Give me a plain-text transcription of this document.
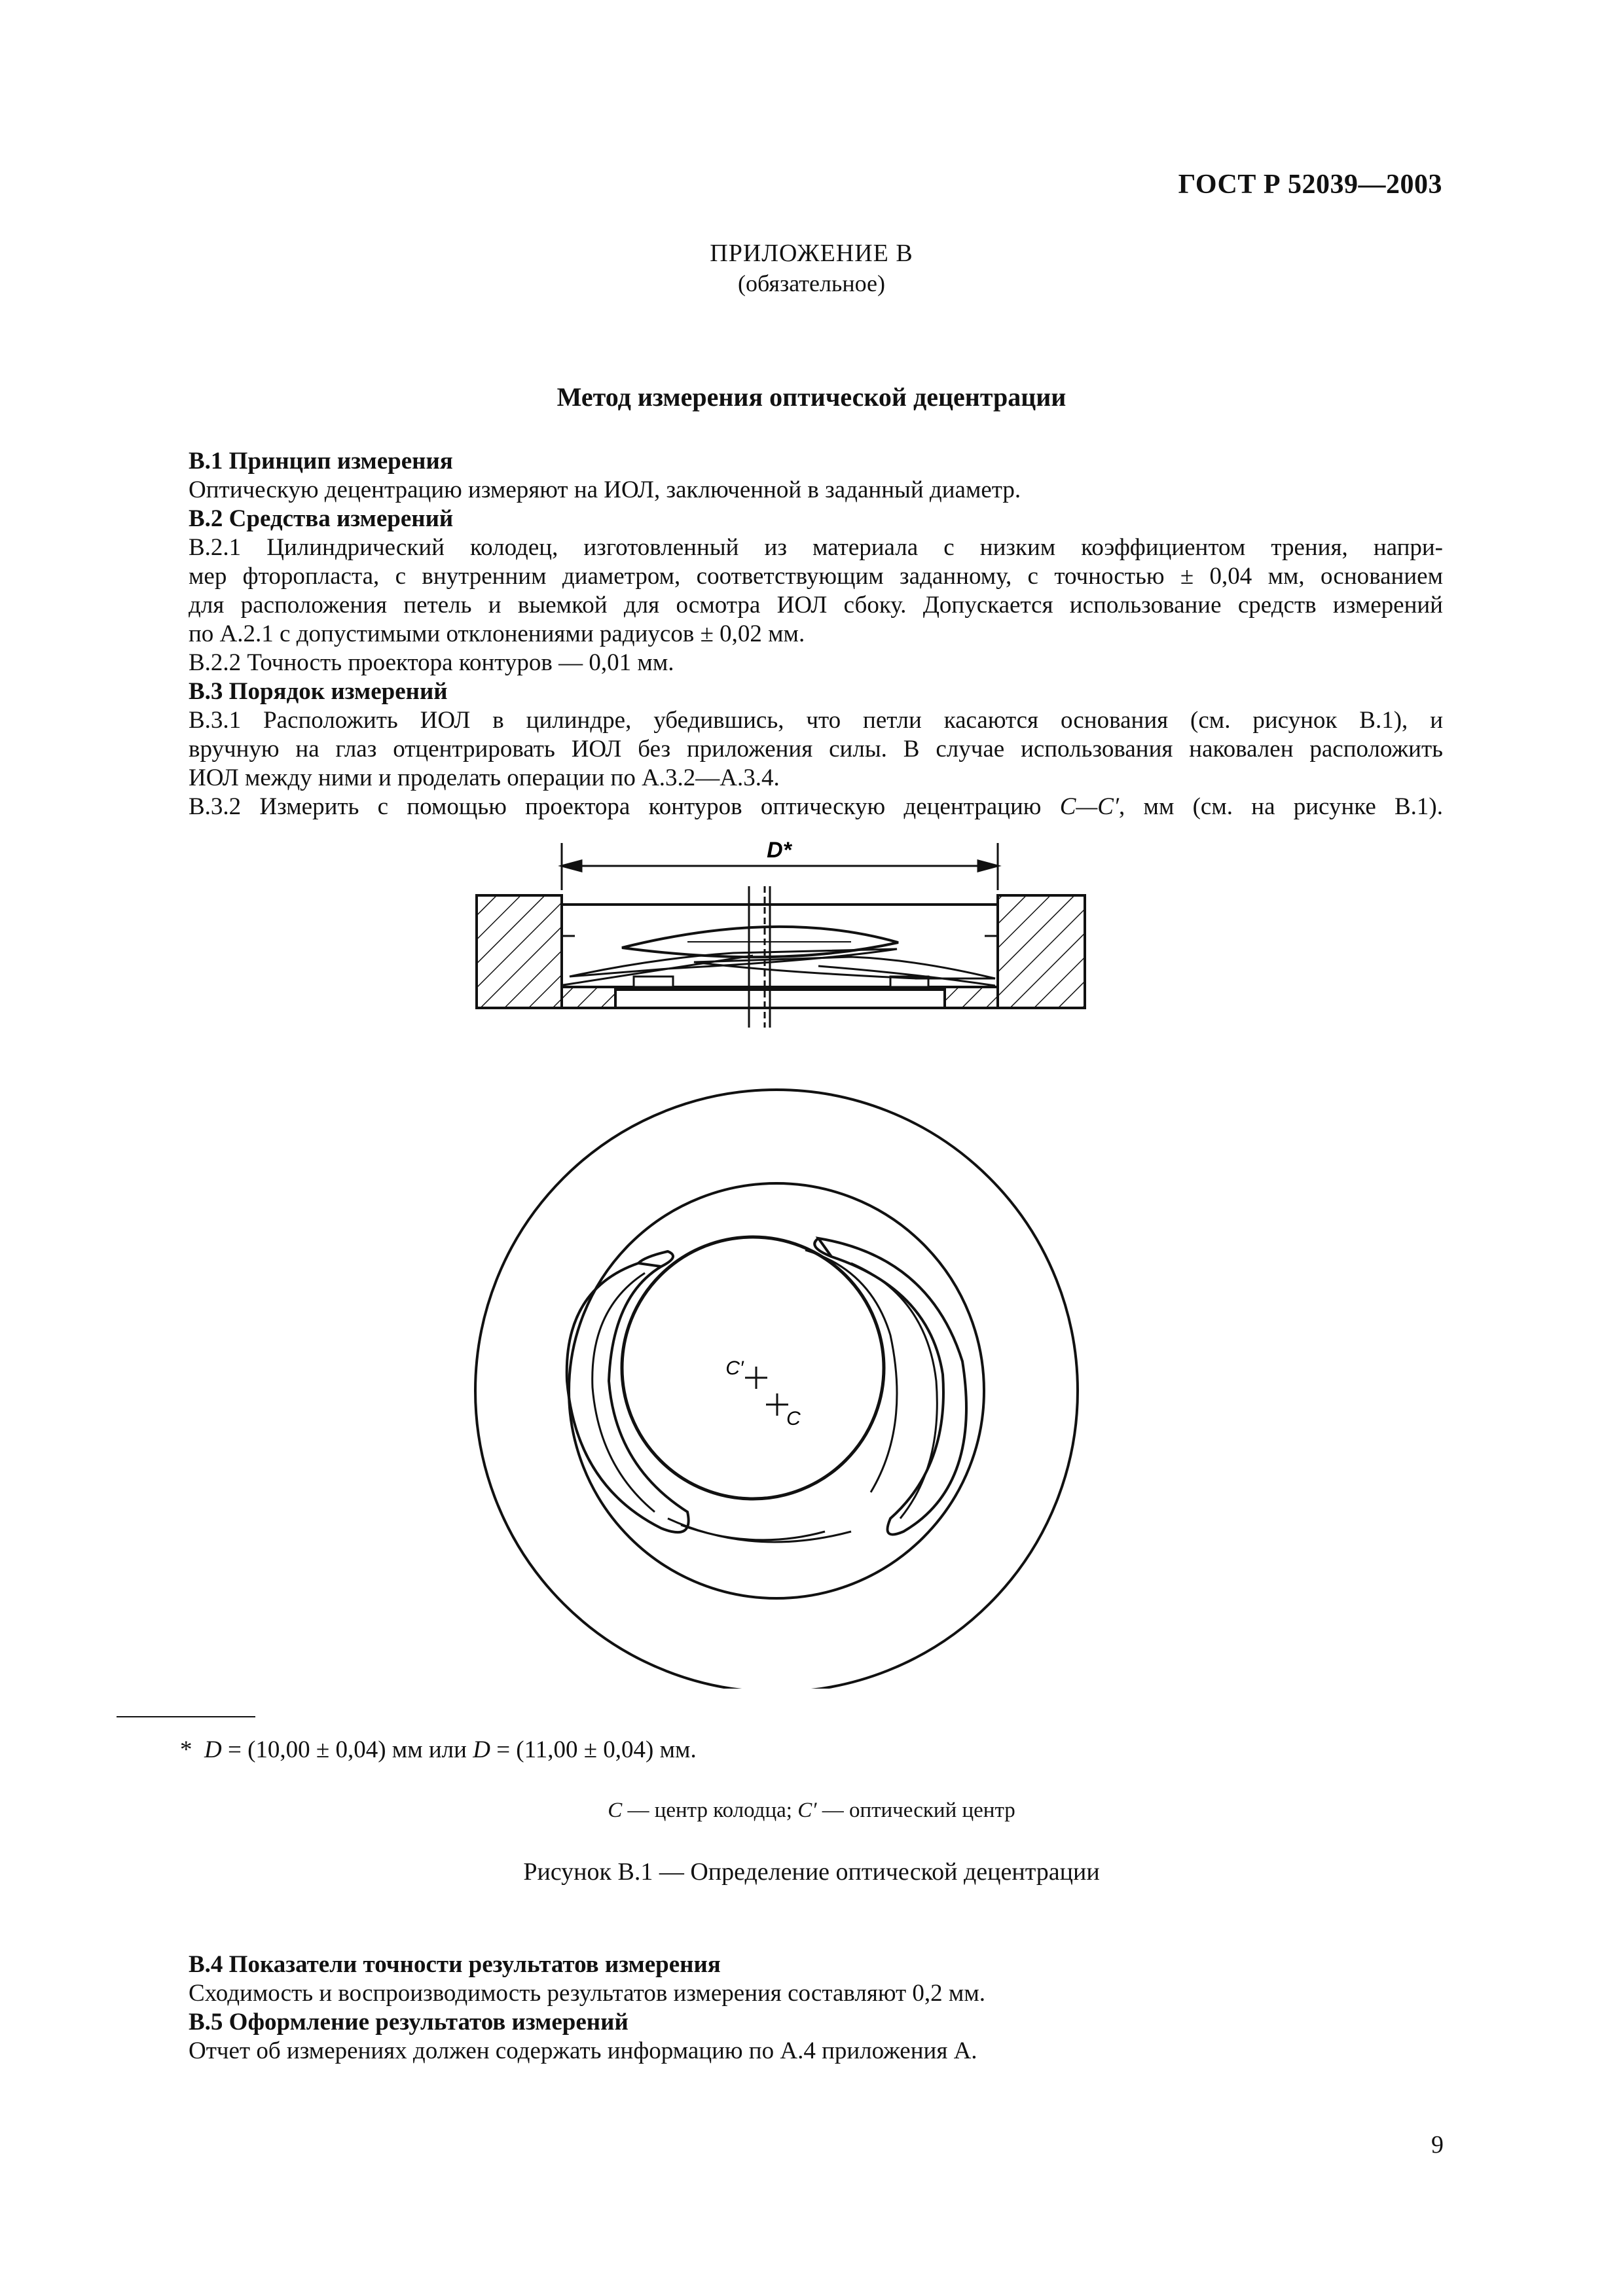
ГОСТ Р 52039—2003
ПРИЛОЖЕНИЕ В
(обязательное)
Метод измерения оптической децентрации

В.1 Принцип измерения

Оптическую децентрацию измеряют на ИОЛ, заключенной в заданный диаметр.

В.2 Средства измерений

В.2.1 Цилиндрический колодец, изготовленный из материала с низким коэффициентом трения, напри-

мер фторопласта, с внутренним диаметром, соответствующим заданному, с точностью ± 0,04 мм, основанием

для расположения петель и выемкой для осмотра ИОЛ сбоку. Допускается использование средств измерений

по А.2.1 с допустимыми отклонениями радиусов ± 0,02 мм.

В.2.2 Точность проектора контуров — 0,01 мм.

В.3 Порядок измерений

В.3.1 Расположить ИОЛ в цилиндре, убедившись, что петли касаются основания (см. рисунок В.1), и

вручную на глаз отцентрировать ИОЛ без приложения силы. В случае использования наковален расположить

ИОЛ между ними и проделать операции по А.3.2—А.3.4.

В.3.2 Измерить с помощью проектора контуров оптическую децентрацию С—С′, мм (см. на рисунке В.1).

D*
C′
C
* D = (10,00 ± 0,04) мм или D = (11,00 ± 0,04) мм.
С — центр колодца; С′ — оптический центр
Рисунок В.1 — Определение оптической децентрации

В.4 Показатели точности результатов измерения

Сходимость и воспроизводимость результатов измерения составляют 0,2 мм.

В.5 Оформление результатов измерений

Отчет об измерениях должен содержать информацию по А.4 приложения А.

9
